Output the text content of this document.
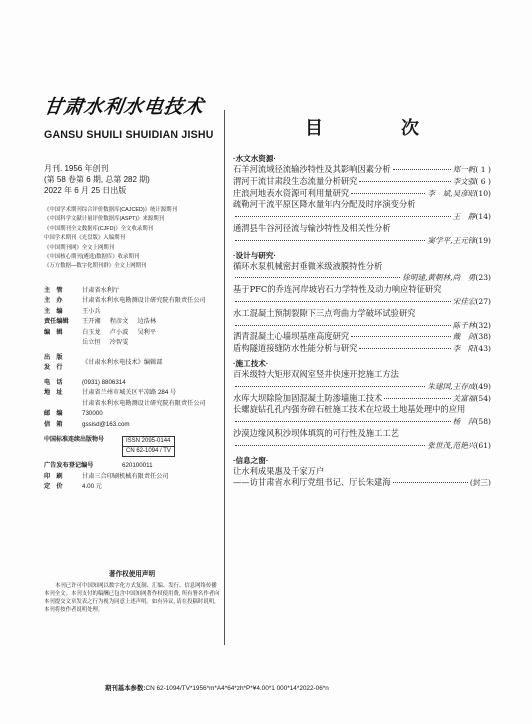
甘肃水利水电技术
GANSU SHUILI SHUIDIAN JISHU
月刊. 1956 年创刊
(第 58 卷第 6 期, 总第 282 期)
2022 年 6 月 25 日出版
《中国学术期刊综合评价数据库(CAJCED)》统计源期刊
《中国科学文献计量评价数据库(ASPT)》来源期刊
《中国期刊全文数据库(CJFD)》全文收录期刊
中国学术期刊《光盘版》入编期刊
《中国期刊网》全文上网期刊
《中国核心期刊(遴选)数据库》收录期刊
《万方数据—数字化期刊群》全文上网期刊
主　管	甘肃省水利厅
主　办	甘肃省水利水电勘测设计研究院有限责任公司
主　编	王小兵
责任编辑	王开湘 程彦文 边浩林
编　辑	白玉龙 卢小波 吴利平
岳立恒 冷智雯
出　版
发　行
《甘肃水利水电技术》编辑部
电　话	(0931) 8806314
地　址	甘肃省兰州市城关区平凉路 284 号
甘肃省水利水电勘测设计研究院有限责任公司
邮　编	730000
信　箱	gssisd@163.com
中国标准连续出版物号	ISSN 2095-0144
CN 62-1094 / TV
广告发布登记编号	620100011
印　刷	甘肃三合印刷机械有限责任公司
定　价	4.00 元
著作权使用声明
本刊已许可中国知网以数字化方式复制、汇编、发行、信息网络传播本刊全文。本刊支付的稿酬已包含中国知网著作权使用费, 所有署名作者向本刊提交文章发表之行为视为同意上述声明。如有异议, 请在投稿时说明, 本刊将按作者说明处理。
目　次
·水文水资源·
石羊河流域径流输沙特性及其影响因素分析	郑一帆 ( 1 )
渭河干流甘肃段生态流量分析研究	李文强 ( 6 )
庄浪河地表水资源可利用量研究	李　斌,吴彦昭 (10)
疏勒河干流平原区降水量年内分配及时序演变分析
王　静 (14)
通渭县牛谷河径流与输沙特性及相关性分析
窦学平,王元锋 (19)
·设计与研究·
循环水泵机械密封垂微米级液膜特性分析
徐明建,黄朝林,尚　勇 (23)
基于PFC的乔连河岸坡岩石力学特性及动力响应特征研究
宋佳宏 (27)
水工混凝土预制裂隙下三点弯曲力学破坏试验研究
陈千林 (32)
洒青混凝土心墙坝基座高度研究	戴　剑 (38)
盾构隧道接缝防水性能分析与研究	李　阳 (43)
·施工技术·
百米级特大矩形双阀室竖井快速开挖施工方法
朱建国,王存成 (49)
水库大坝除险加固混凝土防渗墙施工技术	关富福 (54)
长螺旋钻孔孔内强夯碎石桩施工技术在垃圾土地基处理中的应用
杨　萍 (58)
沙漠边缘风积沙坝体填筑的可行性及施工工艺
张世茂,范艳兴 (61)
·信息之窗·
让水利成果惠及千家万户
——访甘肃省水利厅党组书记、厅长朱建海	(封三)
期刊基本参数:CN 62-1094/TV*1956*m*A4*64*zh*P*¥4.00*1 000*14*2022-06*n
